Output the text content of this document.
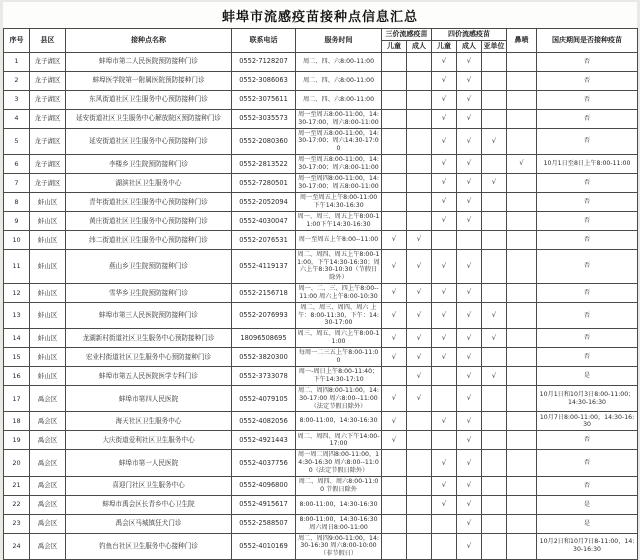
蚌埠市流感疫苗接种点信息汇总
序号	县区	接种点名称	联系电话	服务时间	三价流感疫苗		四价流感疫苗			鼻喷	国庆期间是否接种疫苗
					儿童	成人	儿童	成人	亚单位		
1	龙子湖区	蚌埠市第二人民医院预防接种门诊	0552-7128207	周二、四、六8:00-11:00			√	√			否
2	龙子湖区	蚌埠医学院第一附属医院预防接种门诊	0552-3086063	周二、四、六8:00-11:00			√	√			否
3	龙子湖区	东风街道社区卫生服务中心预防接种门诊	0552-3075611	周二、四、六8:00-11:00			√	√			否
4	龙子湖区	延安街道社区卫生服务中心解放院区预防接种门诊	0552-3035573	周一至周五8:00-11:00，14:30-17:00，周六8:00-11:00			√	√			否
5	龙子湖区	延安街道社区卫生服务中心预防接种门诊	0552-2080360	周一至周五8:00-11:00，14:30-17:00；周六14:30-17:00			√	√	√		否
6	龙子湖区	李楼乡卫生院预防接种门诊	0552-2813522	周一至周五8:00-11:00，14:30-17:00；周六8:00-11:00			√	√		√	10月1日至8日上午8:00-11:00
7	龙子湖区	湖滨社区卫生服务中心	0552-7280501	周一至周四8:00-11:00，14:30-17:00；周五8:00-11:00			√	√	√		否
8	蚌山区	青年街道社区卫生服务中心预防接种门诊	0552-2052094	周一至周五上午8:00-11:00 下午14:30-16:30			√	√			否
9	蚌山区	黄庄街道社区卫生服务中心预防接种门诊	0552-4030047	周一、周三、周五上午8:00-11:00下午14:30-16:30			√	√			否
10	蚌山区	纬二街道社区卫生服务中心预防接种门诊	0552-2076531	周一至周五上午8:00--11:00	√	√					否
11	蚌山区	燕山乡卫生院预防接种门诊	0552-4119137	周二、周四、周五上午8:00-11:00，下午14:30-16:30；周六上午8:30-10:30（节假日除外）	√	√	√	√			否
12	蚌山区	雪华乡卫生院预防接种门诊	0552-2156718	周一、二、三、四上午8:00--11:00 周六上午8:00-10:30	√	√	√	√			否
13	蚌山区	蚌埠市第三人民医院预防接种门诊	0552-2076993	周二、周三、周四、周六 上午：8:00-11:30、下午：14:30-17:00	√	√	√	√	√		否
14	蚌山区	龙湖新村街道社区卫生服务中心预防接种门诊	18096508695	周三、周五、周六上午8:00-11:00	√	√	√	√	√		否
15	蚌山区	宏业村街道社区卫生服务中心预防接种门诊	0552-3820300	每周一二三五上午8:00-11:00	√	√	√	√			否
16	蚌山区	蚌埠市第五人民医院医学专科门诊	0552-3733078	周一-周日上午8:00-11:40；下午14:30-17:10		√		√	√		是
17	禹会区	蚌埠市第四人民医院	0552-4079105	周二、周四8:00-11:00，14:30-17:00 周六8:00--11:00（法定节假日除外）	√	√		√			10月1日和10月3日8:00-11:00；14:30-16:30
18	禹会区	海天社区卫生服务中心	0552-4082056	8:00-11:00，14:30-16:30	√		√	√			10月7日8:00-11:00，14:30-16:30
19	禹会区	大庆街道爱利社区卫生服务中心	0552-4921443	周二、周四、周六下午14:00-17:00	√			√			否
20	禹会区	蚌埠市第一人民医院	0552-4037756	周一周二周四8:00-11:00，14:30-16:30 周六8:00--11:00（法定节假日除外）			√	√			否
21	禹会区	喜迎门社区卫生服务中心	0552-4096800	周二、周四、周六8:00-11:00 节假日除外			√	√			否
22	禹会区	蚌埠市禹会区长青乡中心卫生院	0552-4915617	8:00-11:00，14:30-16:30			√	√			是
23	禹会区	禹会区马城镇狂犬门诊	0552-2588507	8:00-11:00，14:30-16:30 周六周日8:00-11:00				√			是
24	禹会区	钓鱼台社区卫生服务中心接种门诊	0552-4010169	周二、周四9:00-11:00，14:30-16:30 周六8:00-10:00（非节假日）				√			10月2日和10月7日8-11:00，14:30-16:30
